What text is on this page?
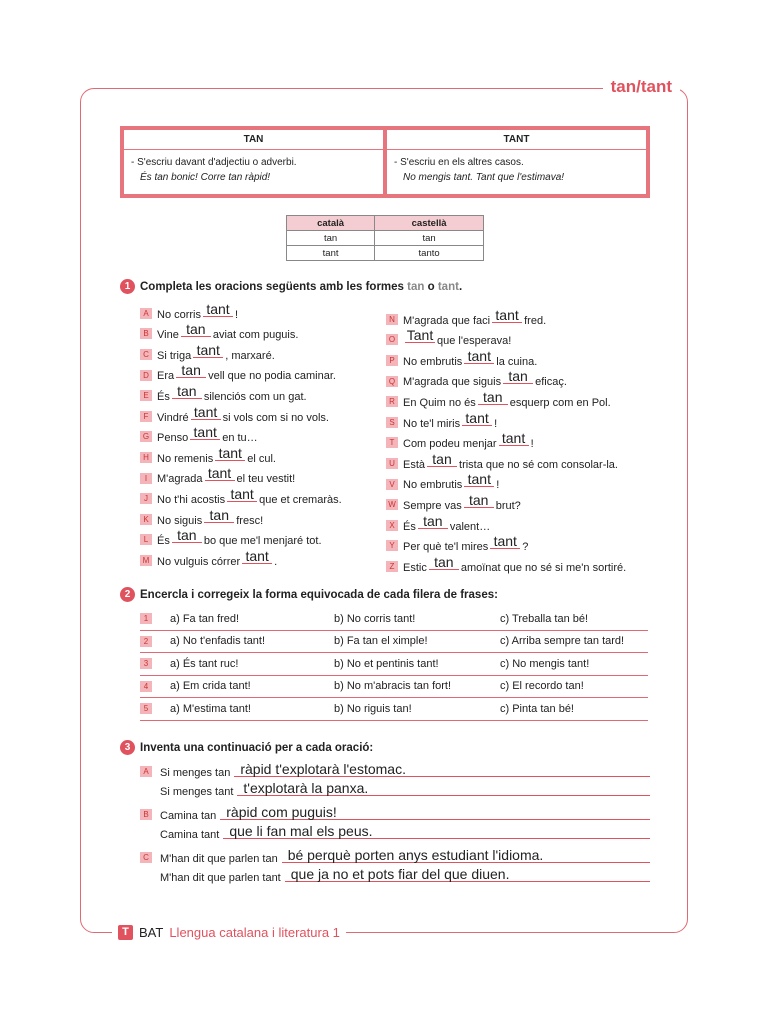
tan/tant
TAN
- S'escriu davant d'adjectiu o adverbi.
És tan bonic! Corre tan ràpid!
TANT
- S'escriu en els altres casos.
No mengis tant. Tant que l'estimava!
català	castellà
tan	tan
tant	tanto
1 Completa les oracions següents amb les formes tan o tant.
A No corris tant !
B Vine tan aviat com puguis.
C Si triga tant , marxaré.
D Era tan vell que no podia caminar.
E És tan silenciós com un gat.
F Vindré tant si vols com si no vols.
G Penso tant en tu…
H No remenis tant el cul.
I M'agrada tant el teu vestit!
J No t'hi acostis tant que et cremaràs.
K No siguis tan fresc!
L És tan bo que me'l menjaré tot.
M No vulguis córrer tant .
N M'agrada que faci tant fred.
O Tant que l'esperava!
P No embrutis tant la cuina.
Q M'agrada que siguis tan eficaç.
R En Quim no és tan esquerp com en Pol.
S No te'l miris tant !
T Com podeu menjar tant !
U Està tan trista que no sé com consolar-la.
V No embrutis tant !
W Sempre vas tan brut?
X És tan valent…
Y Per què te'l mires tant ?
Z Estic tan amoïnat que no sé si me'n sortiré.
2 Encercla i corregeix la forma equivocada de cada filera de frases:
1	a) Fa tan fred!	b) No corris tant!	c) Treballa tan bé!
2	a) No t'enfadis tant!	b) Fa tan el ximple!	c) Arriba sempre tan tard!
3	a) És tant ruc!	b) No et pentinis tant!	c) No mengis tant!
4	a) Em crida tant!	b) No m'abracis tan fort!	c) El recordo tan!
5	a) M'estima tant!	b) No riguis tan!	c) Pinta tan bé!
3 Inventa una continuació per a cada oració:
A	Si menges tan ràpid t'explotarà l'estomac.
Si menges tant t'explotarà la panxa.
B	Camina tan ràpid com puguis!
Camina tant que li fan mal els peus.
C M'han dit que parlen tan bé perquè porten anys estudiant l'idioma.
M'han dit que parlen tant que ja no et pots fiar del que diuen.
T BAT Llengua catalana i literatura 1
